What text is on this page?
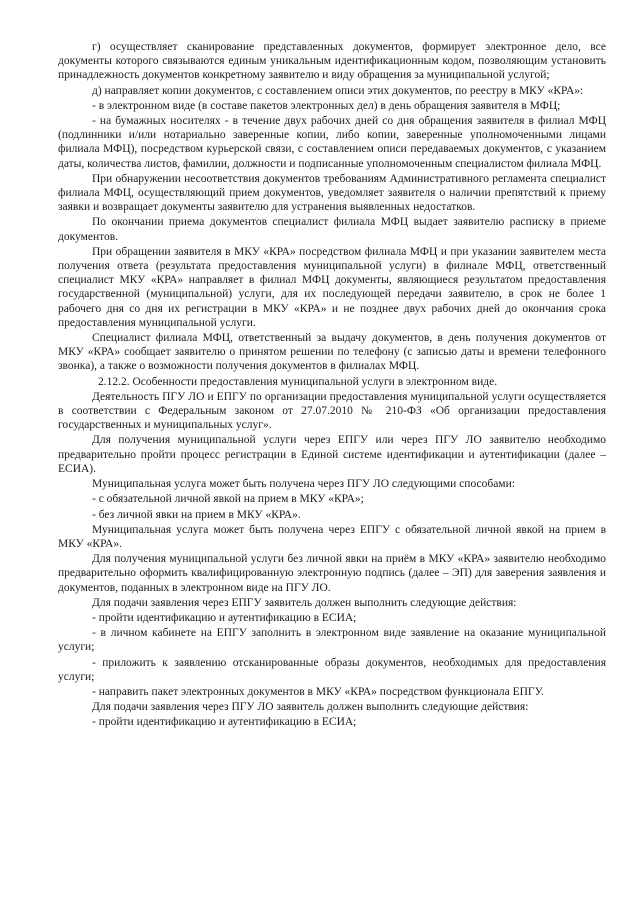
г) осуществляет сканирование представленных документов, формирует электронное дело, все документы которого связываются единым уникальным идентификационным кодом, позволяющим установить принадлежность документов конкретному заявителю и виду обращения за муниципальной услугой;

д) направляет копии документов, с составлением описи этих документов, по реестру в МКУ «КРА»:

- в электронном виде (в составе пакетов электронных дел) в день обращения заявителя в МФЦ;

- на бумажных носителях - в течение двух рабочих дней со дня обращения заявителя в филиал МФЦ (подлинники и/или нотариально заверенные копии, либо копии, заверенные уполномоченными лицами филиала МФЦ), посредством курьерской связи, с составлением описи передаваемых документов, с указанием даты, количества листов, фамилии, должности и подписанные уполномоченным специалистом филиала МФЦ.

При обнаружении несоответствия документов требованиям Административного регламента специалист филиала МФЦ, осуществляющий прием документов, уведомляет заявителя о наличии препятствий к приему заявки и возвращает документы заявителю для устранения выявленных недостатков.

По окончании приема документов специалист филиала МФЦ выдает заявителю расписку в приеме документов.

При обращении заявителя в МКУ «КРА» посредством филиала МФЦ и при указании заявителем места получения ответа (результата предоставления муниципальной услуги) в филиале МФЦ, ответственный специалист МКУ «КРА» направляет в филиал МФЦ документы, являющиеся результатом предоставления государственной (муниципальной) услуги, для их последующей передачи заявителю, в срок не более 1 рабочего дня со дня их регистрации в МКУ «КРА» и не позднее двух рабочих дней до окончания срока предоставления муниципальной услуги.

Специалист филиала МФЦ, ответственный за выдачу документов, в день получения документов от МКУ «КРА» сообщает заявителю о принятом решении по телефону (с записью даты и времени телефонного звонка), а также о возможности получения документов в филиалах МФЦ.

2.12.2. Особенности предоставления муниципальной услуги в электронном виде.

Деятельность ПГУ ЛО и ЕПГУ по организации предоставления муниципальной услуги осуществляется в соответствии с Федеральным законом от 27.07.2010 № 210-ФЗ «Об организации предоставления государственных и муниципальных услуг».

Для получения муниципальной услуги через ЕПГУ или через ПГУ ЛО заявителю необходимо предварительно пройти процесс регистрации в Единой системе идентификации и аутентификации (далее – ЕСИА).

Муниципальная услуга может быть получена через ПГУ ЛО следующими способами:

- с обязательной личной явкой на прием в МКУ «КРА»;

- без личной явки на прием в МКУ «КРА».

Муниципальная услуга может быть получена через ЕПГУ с обязательной личной явкой на прием в МКУ «КРА».

Для получения муниципальной услуги без личной явки на приём в МКУ «КРА» заявителю необходимо предварительно оформить квалифицированную электронную подпись (далее – ЭП) для заверения заявления и документов, поданных в электронном виде на ПГУ ЛО.

Для подачи заявления через ЕПГУ заявитель должен выполнить следующие действия:

- пройти идентификацию и аутентификацию в ЕСИА;

- в личном кабинете на ЕПГУ заполнить в электронном виде заявление на оказание муниципальной услуги;

- приложить к заявлению отсканированные образы документов, необходимых для предоставления услуги;

- направить пакет электронных документов в МКУ «КРА» посредством функционала ЕПГУ.

Для подачи заявления через ПГУ ЛО заявитель должен выполнить следующие действия:

- пройти идентификацию и аутентификацию в ЕСИА;
